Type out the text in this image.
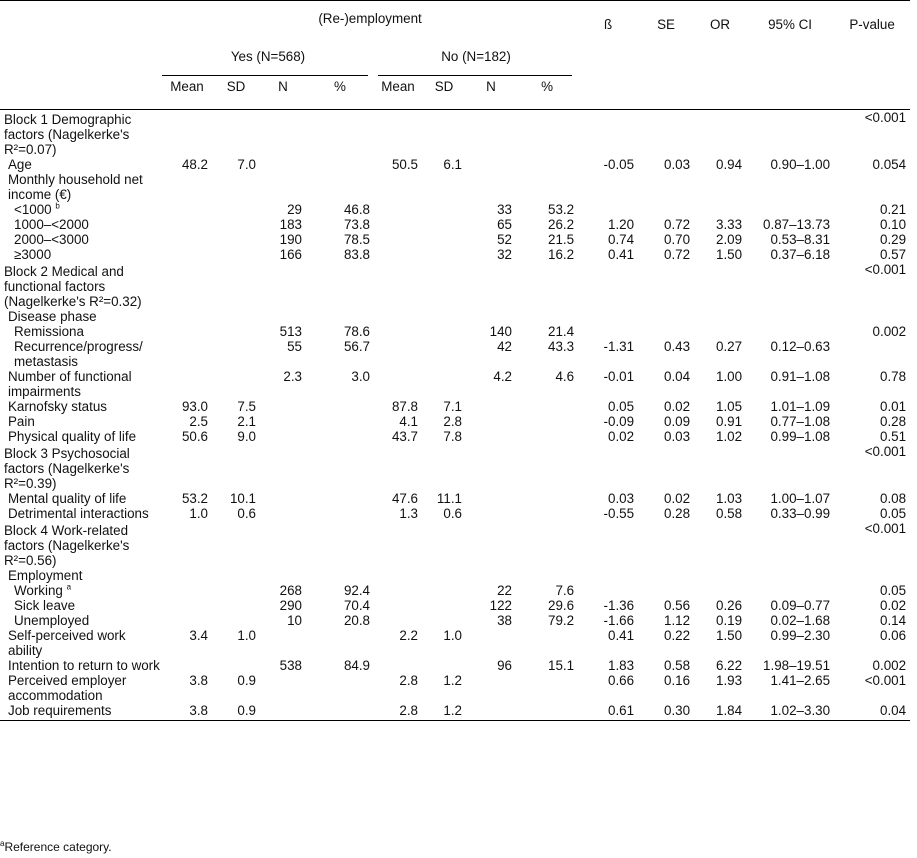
	(Re-)employment								ß	SE	OR	95% CI	P-value
	Yes (N=568)				No (N=182)								
	Mean	SD	N	%	Mean	SD	N	%					
Block 1 Demographic factors (Nagelkerke's R²=0.07)													<0.001
Age	48.2	7.0			50.5	6.1			-0.05	0.03	0.94	0.90–1.00	0.054
Monthly household net income (€)													
<1000 $^b$			29	46.8			33	53.2					0.21
1000–<2000			183	73.8			65	26.2	1.20	0.72	3.33	0.87–13.73	0.10
2000–<3000			190	78.5			52	21.5	0.74	0.70	2.09	0.53–8.31	0.29
≥3000			166	83.8			32	16.2	0.41	0.72	1.50	0.37–6.18	0.57
Block 2 Medical and functional factors (Nagelkerke's R²=0.32)													<0.001
Disease phase													
Remissiona			513	78.6			140	21.4					0.002
Recurrence/progress/ metastasis			55	56.7			42	43.3	-1.31	0.43	0.27	0.12–0.63	
Number of functional impairments			2.3	3.0			4.2	4.6	-0.01	0.04	1.00	0.91–1.08	0.78
Karnofsky status	93.0	7.5			87.8	7.1			0.05	0.02	1.05	1.01–1.09	0.01
Pain	2.5	2.1			4.1	2.8			-0.09	0.09	0.91	0.77–1.08	0.28
Physical quality of life	50.6	9.0			43.7	7.8			0.02	0.03	1.02	0.99–1.08	0.51
Block 3 Psychosocial factors (Nagelkerke's R²=0.39)													<0.001
Mental quality of life	53.2	10.1			47.6	11.1			0.03	0.02	1.03	1.00–1.07	0.08
Detrimental interactions	1.0	0.6			1.3	0.6			-0.55	0.28	0.58	0.33–0.99	0.05
Block 4 Work-related factors (Nagelkerke's R²=0.56)													<0.001
Employment													
Working $^a$			268	92.4			22	7.6					0.05
Sick leave			290	70.4			122	29.6	-1.36	0.56	0.26	0.09–0.77	0.02
Unemployed			10	20.8			38	79.2	-1.66	1.12	0.19	0.02–1.68	0.14
Self-perceived work ability	3.4	1.0			2.2	1.0			0.41	0.22	1.50	0.99–2.30	0.06
Intention to return to work			538	84.9			96	15.1	1.83	0.58	6.22	1.98–19.51	0.002
Perceived employer accommodation	3.8	0.9			2.8	1.2			0.66	0.16	1.93	1.41–2.65	<0.001
Job requirements	3.8	0.9			2.8	1.2			0.61	0.30	1.84	1.02–3.30	0.04
$^a$Reference category.
